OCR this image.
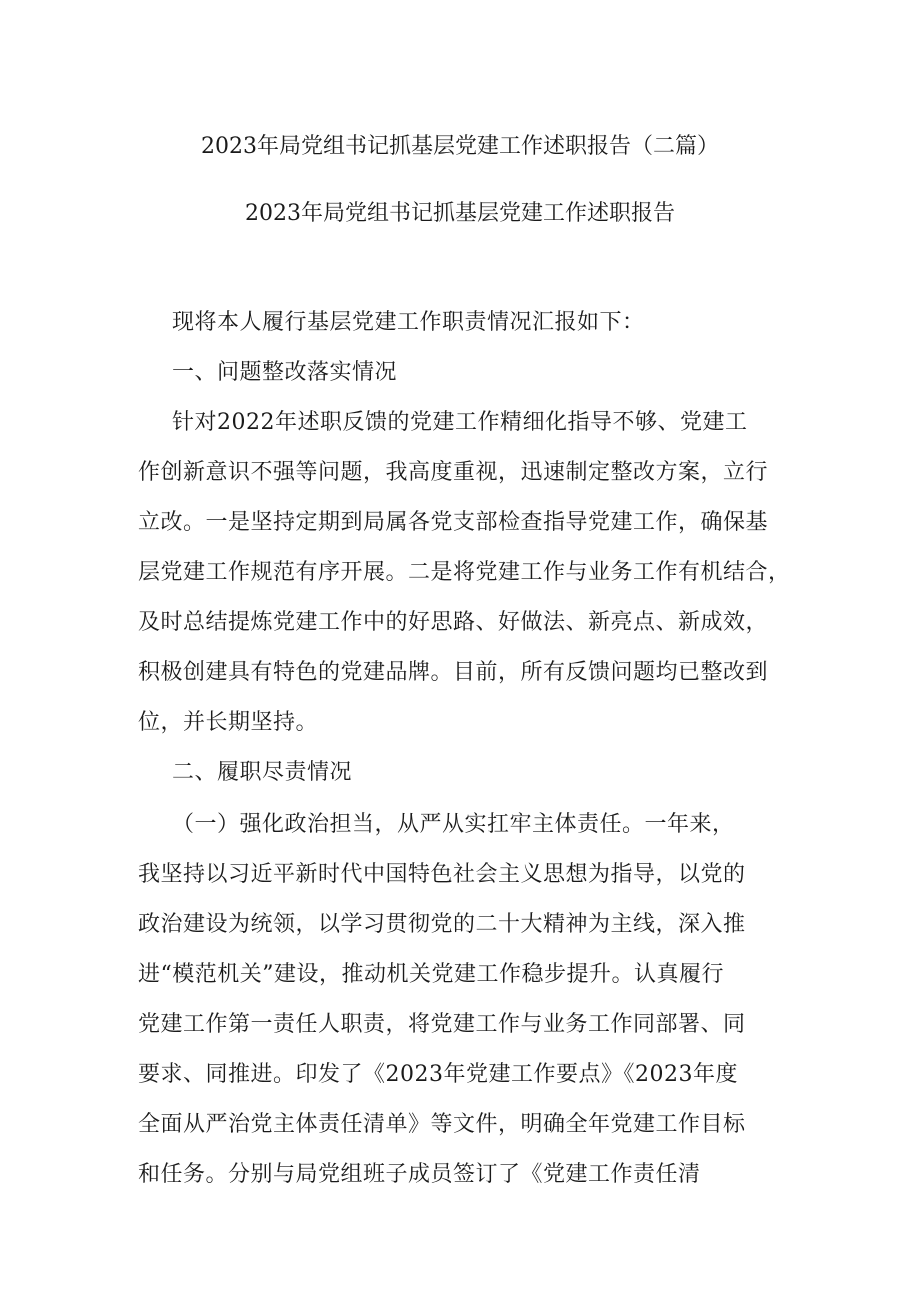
2023年局党组书记抓基层党建工作述职报告（二篇）
2023年局党组书记抓基层党建工作述职报告
现将本人履行基层党建工作职责情况汇报如下：
一、问题整改落实情况
针对2022年述职反馈的党建工作精细化指导不够、党建工
作创新意识不强等问题，我高度重视，迅速制定整改方案，立行
立改。一是坚持定期到局属各党支部检查指导党建工作，确保基
层党建工作规范有序开展。二是将党建工作与业务工作有机结合，
及时总结提炼党建工作中的好思路、好做法、新亮点、新成效，
积极创建具有特色的党建品牌。目前，所有反馈问题均已整改到
位，并长期坚持。
二、履职尽责情况
（一）强化政治担当，从严从实扛牢主体责任。一年来，
我坚持以习近平新时代中国特色社会主义思想为指导，以党的
政治建设为统领，以学习贯彻党的二十大精神为主线，深入推
进“模范机关”建设，推动机关党建工作稳步提升。认真履行
党建工作第一责任人职责，将党建工作与业务工作同部署、同
要求、同推进。印发了《2023年党建工作要点》《2023年度
全面从严治党主体责任清单》等文件，明确全年党建工作目标
和任务。分别与局党组班子成员签订了《党建工作责任清
